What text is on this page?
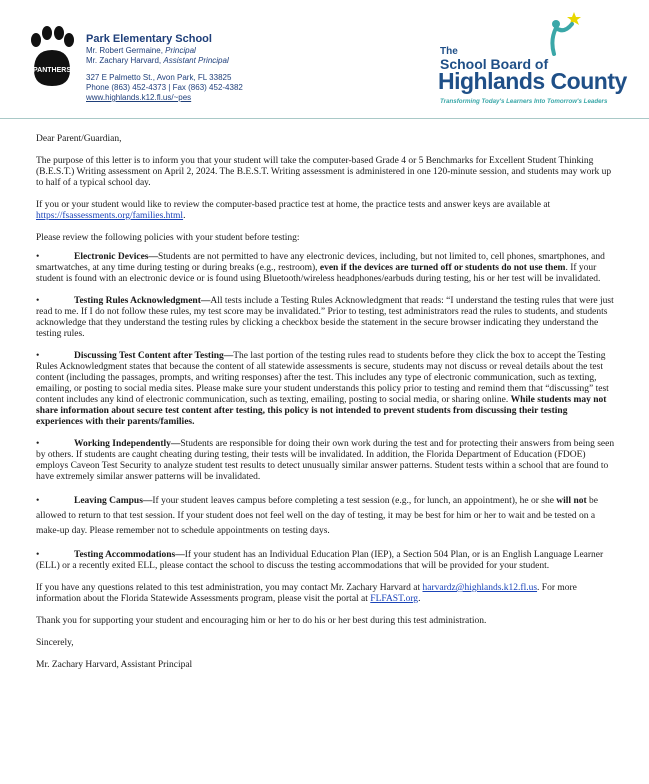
PANTHERS
Park Elementary School
Mr. Robert Germaine, Principal
Mr. Zachary Harvard, Assistant Principal
327 E Palmetto St., Avon Park, FL 33825
Phone (863) 452-4373 | Fax (863) 452-4382
www.highlands.k12.fl.us/~pes
The
School Board of
Highlands County
Transforming Today's Learners Into Tomorrow's Leaders

Dear Parent/Guardian,

The purpose of this letter is to inform you that your student will take the computer-based Grade 4 or 5 Benchmarks for Excellent Student Thinking (B.E.S.T.) Writing assessment on April 2, 2024. The B.E.S.T. Writing assessment is administered in one 120-minute session, and students may work up to half of a typical school day.

If you or your student would like to review the computer-based practice test at home, the practice tests and answer keys are available at https://fsassessments.org/families.html.

Please review the following policies with your student before testing:

•	Electronic Devices—Students are not permitted to have any electronic devices, including, but not limited to, cell phones, smartphones, and smartwatches, at any time during testing or during breaks (e.g., restroom), even if the devices are turned off or students do not use them. If your student is found with an electronic device or is found using Bluetooth/wireless headphones/earbuds during testing, his or her test will be invalidated.
•	Testing Rules Acknowledgment—All tests include a Testing Rules Acknowledgment that reads: “I understand the testing rules that were just read to me. If I do not follow these rules, my test score may be invalidated.” Prior to testing, test administrators read the rules to students, and students acknowledge that they understand the testing rules by clicking a checkbox beside the statement in the secure browser indicating they understand the testing rules.
•	Discussing Test Content after Testing—The last portion of the testing rules read to students before they click the box to accept the Testing Rules Acknowledgment states that because the content of all statewide assessments is secure, students may not discuss or reveal details about the test content (including the passages, prompts, and writing responses) after the test. This includes any type of electronic communication, such as texting, emailing, or posting to social media sites. Please make sure your student understands this policy prior to testing and remind them that “discussing” test content includes any kind of electronic communication, such as texting, emailing, posting to social media, or sharing online. While students may not share information about secure test content after testing, this policy is not intended to prevent students from discussing their testing experiences with their parents/families.
•	Working Independently—Students are responsible for doing their own work during the test and for protecting their answers from being seen by others. If students are caught cheating during testing, their tests will be invalidated. In addition, the Florida Department of Education (FDOE) employs Caveon Test Security to analyze student test results to detect unusually similar answer patterns. Student tests within a school that are found to have extremely similar answer patterns will be invalidated.
•	Leaving Campus—If your student leaves campus before completing a test session (e.g., for lunch, an appointment), he or she will not be allowed to return to that test session. If your student does not feel well on the day of testing, it may be best for him or her to wait and be tested on a make-up day. Please remember not to schedule appointments on testing days.
•	Testing Accommodations—If your student has an Individual Education Plan (IEP), a Section 504 Plan, or is an English Language Learner (ELL) or a recently exited ELL, please contact the school to discuss the testing accommodations that will be provided for your student.

If you have any questions related to this test administration, you may contact Mr. Zachary Harvard at harvardz@highlands.k12.fl.us. For more information about the Florida Statewide Assessments program, please visit the portal at FLFAST.org.

Thank you for supporting your student and encouraging him or her to do his or her best during this test administration.

Sincerely,

Mr. Zachary Harvard, Assistant Principal
